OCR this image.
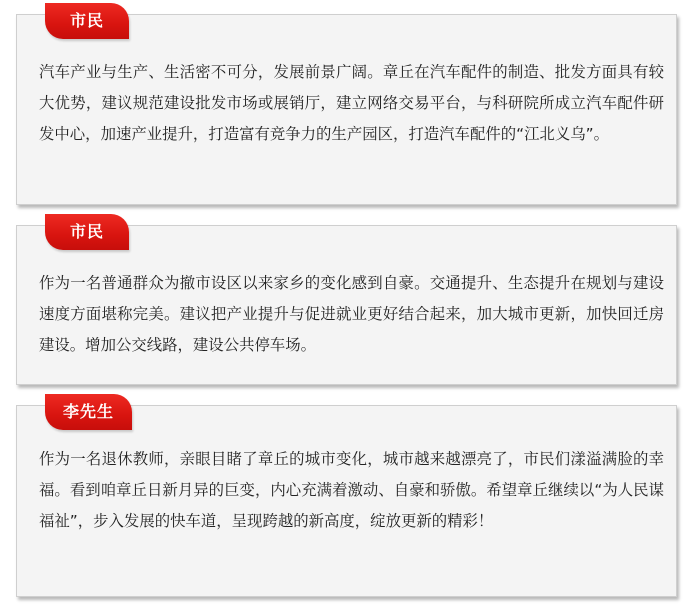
市民

汽车产业与生产、生活密不可分，发展前景广阔。章丘在汽车配件的制造、批发方面具有较大优势，建议规范建设批发市场或展销厅，建立网络交易平台，与科研院所成立汽车配件研发中心，加速产业提升，打造富有竞争力的生产园区，打造汽车配件的“江北义乌”。

市民

作为一名普通群众为撤市设区以来家乡的变化感到自豪。交通提升、生态提升在规划与建设速度方面堪称完美。建议把产业提升与促进就业更好结合起来，加大城市更新，加快回迁房建设。增加公交线路，建设公共停车场。

李先生

作为一名退休教师，亲眼目睹了章丘的城市变化，城市越来越漂亮了，市民们漾溢满脸的幸福。看到咱章丘日新月异的巨变，内心充满着激动、自豪和骄傲。希望章丘继续以“为人民谋福祉”，步入发展的快车道，呈现跨越的新高度，绽放更新的精彩！
